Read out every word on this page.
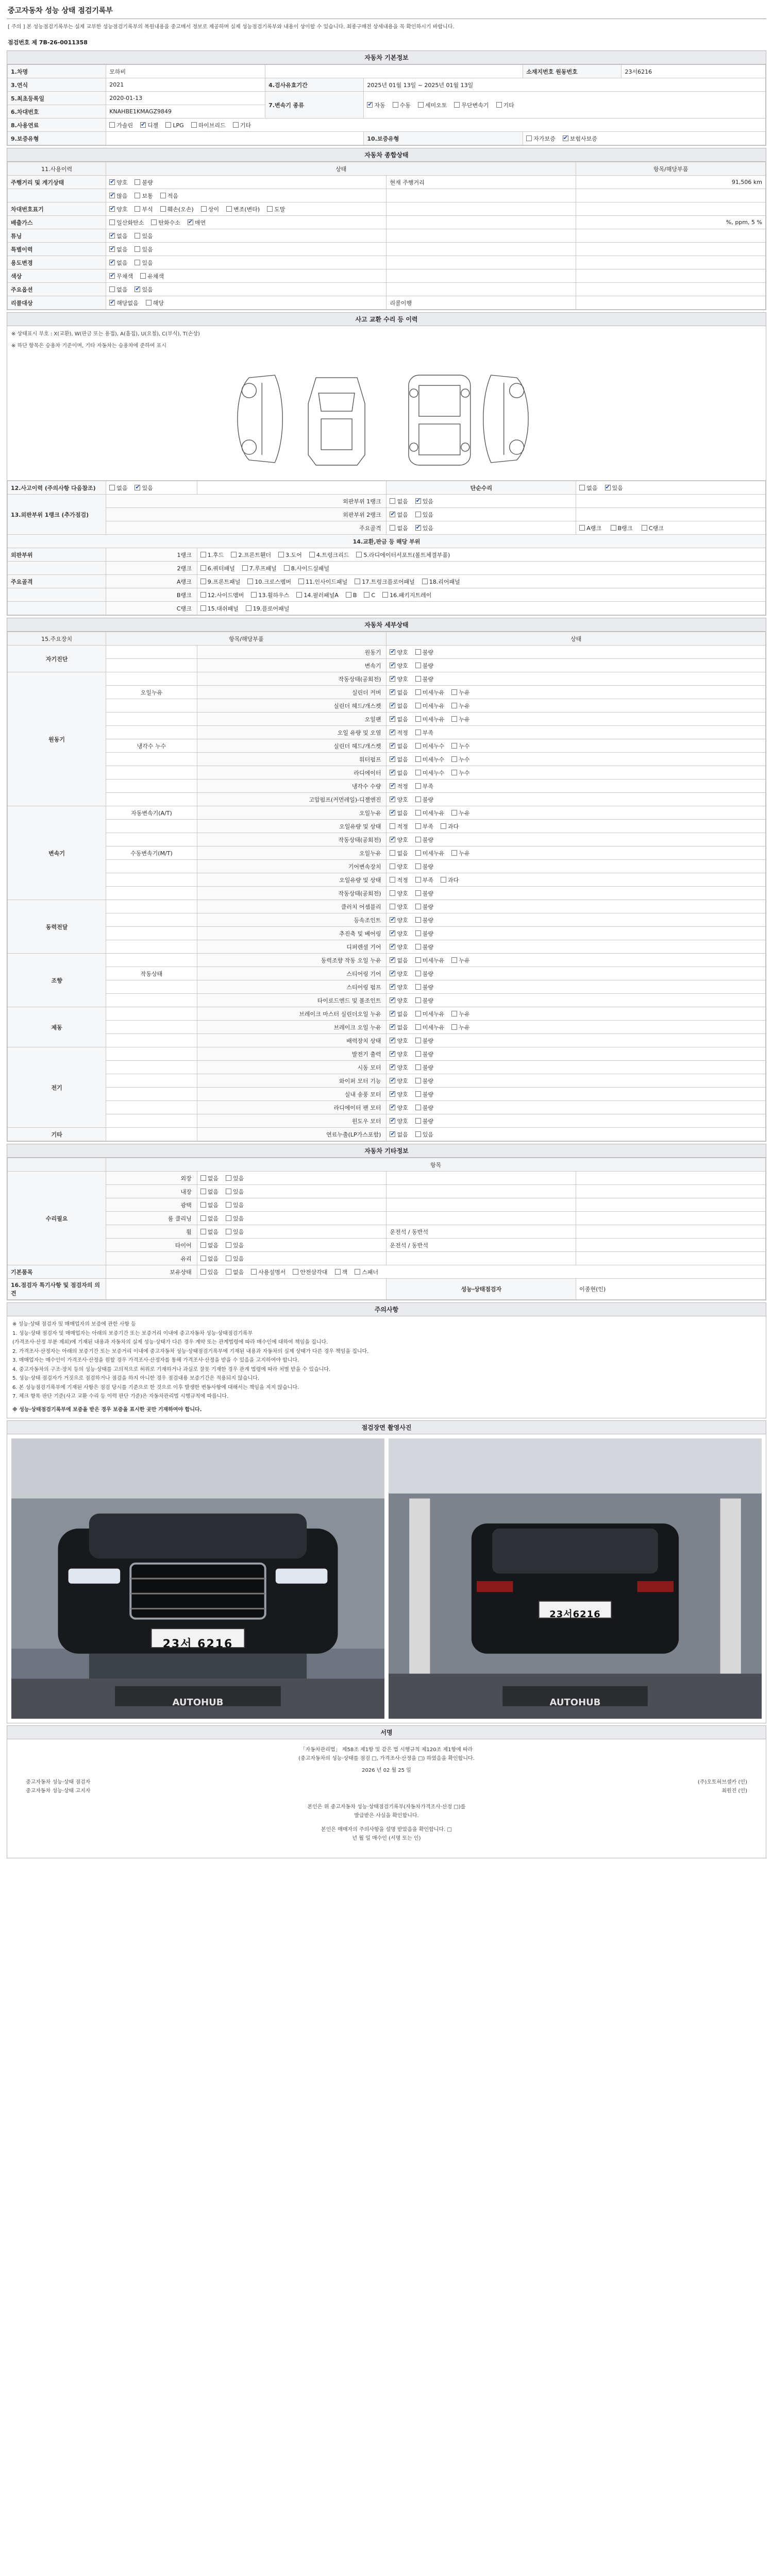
중고자동차 성능 상태 점검기록부
[ 주의 ] 본 성능점검기록부는 실제 교부한 성능점검기록부의 복원내용을 중고매서 정보로 제공하며 실제 성능점검기록부와 내용이 상이할 수 있습니다. 최종구매전 상세내용을 꼭 확인하시기 바랍니다.
점검번호 제 7B-26-0011358
자동차 기본정보
1.차명	모하비			소재지번호 원동번호	23서6216
3.연식	2021	4.검사유효기간	2025년 01월 13일 ~ 2025년 01월 13일		
5.최초등록일	2020-01-13	7.변속기 종류	✔자동 수동 세미오토 무단변속기 기타
6.차대번호	KNAHBE1KMAGZ9849				
8.사용연료	가솔린 ✔ 디젤 LPG 하이브리드 기타
9.보증유형			10.보증유형	자가보증 ✔ 보험사보증
자동차 종합상태
11.사용이력	상태		항목/해당부품
주행거리 및 계기상태	✔양호 불량	현재 주행거리	91,506 km
	✔많음 보통 적음		
차대번호표기	✔양호 부식 훼손(오손) 상이 변조(변타) 도말		
배출가스	일산화탄소 탄화수소 ✔ 매연		%, ppm, 5 %
튜닝	✔없음 있음		
특별이력	✔없음 있음		
용도변경	✔없음 있음		
색상	✔무채색 유채색		
주요옵션	없음 ✔ 있음		
리콜대상	✔해당없음 해당	리콜이행	
사고 교환 수리 등 이력
※ 상태표시 부호 : X(교환), W(판금 또는 용접), A(흠집), U(요철), C(부식), T(손상)
※ 하단 항목은 승용차 기준이며, 기타 자동차는 승용차에 준하여 표시
12.사고이력 (주의사항 다음참조)	없음 ✔ 있음		단순수리	없음 ✔ 있음
13.외판부위 1랭크 (추가점검)	외판부위 1랭크		없음 ✔ 있음	
	외판부위 2랭크	✔없음 있음	
	주요골격		없음 ✔ 있음	A랭크 B랭크 C랭크
14.교환,판금 등 해당 부위				
외판부위	1랭크	1.후드 2.프론트휀더 3.도어 4.트렁크리드 5.라디에이터서포트(볼트체결부품)		
	2랭크	6.쿼터패널 7.루프패널 8.사이드실패널		
주요골격	A랭크	9.프론트패널 10.크로스멤버 11.인사이드패널 17.트렁크플로어패널 18.리어패널		
	B랭크	12.사이드멤버 13.휠하우스 14.필러패널A B C 16.패키지트레이		
	C랭크	15.대쉬패널 19.플로어패널		
자동차 세부상태
15.주요장치	항목/해당부품		상태
자기진단		원동기	✔양호 불량
		변속기	✔양호 불량
원동기		작동상태(공회전)	✔양호 불량
	오일누유	실린더 커버	✔없음 미세누유 누유
		실린더 헤드/개스켓	✔없음 미세누유 누유
		오일팬	✔없음 미세누유 누유
		오일 유량 및 오염	✔적정 부족
	냉각수 누수	실린더 헤드/개스켓	✔없음 미세누수 누수
		워터펌프	✔없음 미세누수 누수
		라디에이터	✔없음 미세누수 누수
		냉각수 수량	✔적정 부족
		고압펌프(커먼레일)-디젤엔진	✔양호 불량
변속기	자동변속기(A/T)	오일누유	✔없음 미세누유 누유
		오일유량 및 상태	적정 부족 과다
		작동상태(공회전)	✔양호 불량
	수동변속기(M/T)	오일누유	없음 미세누유 누유
		기어변속장치	양호 불량
		오일유량 및 상태	적정 부족 과다
		작동상태(공회전)	양호 불량
동력전달		클러치 어셈블리	양호 불량
		등속조인트	✔양호 불량
		추진축 및 베어링	✔양호 불량
		디퍼렌셜 기어	✔양호 불량
조향		동력조향 작동 오일 누유	✔없음 미세누유 누유
	작동상태	스티어링 기어	✔양호 불량
		스티어링 펌프	✔양호 불량
		타이로드엔드 및 볼조인트	✔양호 불량
제동		브레이크 마스터 실린더오일 누유	✔없음 미세누유 누유
		브레이크 오일 누유	✔없음 미세누유 누유
		배력장치 상태	✔양호 불량
전기		발전기 출력	✔양호 불량
		시동 모터	✔양호 불량
		와이퍼 모터 기능	✔양호 불량
		실내 송풍 모터	✔양호 불량
		라디에이터 팬 모터	✔양호 불량
		윈도우 모터	✔양호 불량
기타		연료누출(LP가스포함)	✔없음 있음
자동차 기타정보
	항목			
수리필요	외장	없음 있음		
	내장	없음 있음		
	광택	없음 있음		
	룸 클리닝	없음 있음		
	휠	없음 있음	운전석 / 동반석	
	타이어	없음 있음	운전석 / 동반석	
	유리	없음 있음		
기본품목	보유상태	있음 없음 사용설명서 안전삼각대 잭 스패너		
16.점검자 특기사항 및 점검자의 의견			성능·상태점검자	이종현(인)
주의사항

※ 성능·상태 점검자 및 매매업자의 보증에 관한 사항 등

1. 성능·상태 점검자 및 매매업자는 아래의 보증기간 또는 보증거리 이내에 중고자동차 성능·상태점검기록부

(가격조사·산정 부분 제외)에 기재된 내용과 자동차의 실제 성능·상태가 다른 경우 계약 또는 관계법령에 따라 매수인에 대하여 책임을 집니다.

2. 가격조사·산정자는 아래의 보증기간 또는 보증거리 이내에 중고자동차 성능·상태점검기록부에 기재된 내용과 자동차의 실제 상태가 다른 경우 책임을 집니다.

3. 매매업자는 매수인이 가격조사·산정을 원할 경우 가격조사·산정자를 통해 가격조사·산정을 받을 수 있음을 고지하여야 합니다.

4. 중고자동차의 구조·장치 등의 성능·상태를 고의적으로 허위로 기재하거나 과실로 잘못 기재한 경우 관계 법령에 따라 처벌 받을 수 있습니다.

5. 성능·상태 점검자가 거짓으로 점검하거나 점검을 하지 아니한 경우 점검내용 보증기간은 적용되지 않습니다.

6. 본 성능점검기록부에 기재된 사항은 점검 당시를 기준으로 한 것으로 이후 발생한 변동사항에 대해서는 책임을 지지 않습니다.

7. 체크 항목 판단 기준(사고 교환 수리 등 이력 판단 기준)은 자동차관리법 시행규칙에 따릅니다.

※ 성능·상태점검기록부에 보증을 받은 경우 보증을 표시한 곳만 기재하여야 합니다.
점검장면 촬영사진
23서 6216
AUTOHUB
23서6216
AUTOHUB
서명
「자동차관리법」 제58조 제1항 및 같은 법 시행규칙 제120조 제1항에 따라
(중고자동차의 성능·상태를 점검 □, 가격조사·산정을 □) 하였음을 확인합니다.
2026 년 02 월 25 일
중고자동차 성능·상태 점검자	(주)오토허브셀카 (인)
중고자동차 성능·상태 고지자	최원진 (인)
본인은 위 중고자동차 성능·상태점검기록부(자동차가격조사·산정 □)를
발급받은 사실을 확인합니다.
본인은 매매자의 주의사항을 설명 받았음을 확인합니다. □
년 월 일 매수인 (서명 또는 인)
